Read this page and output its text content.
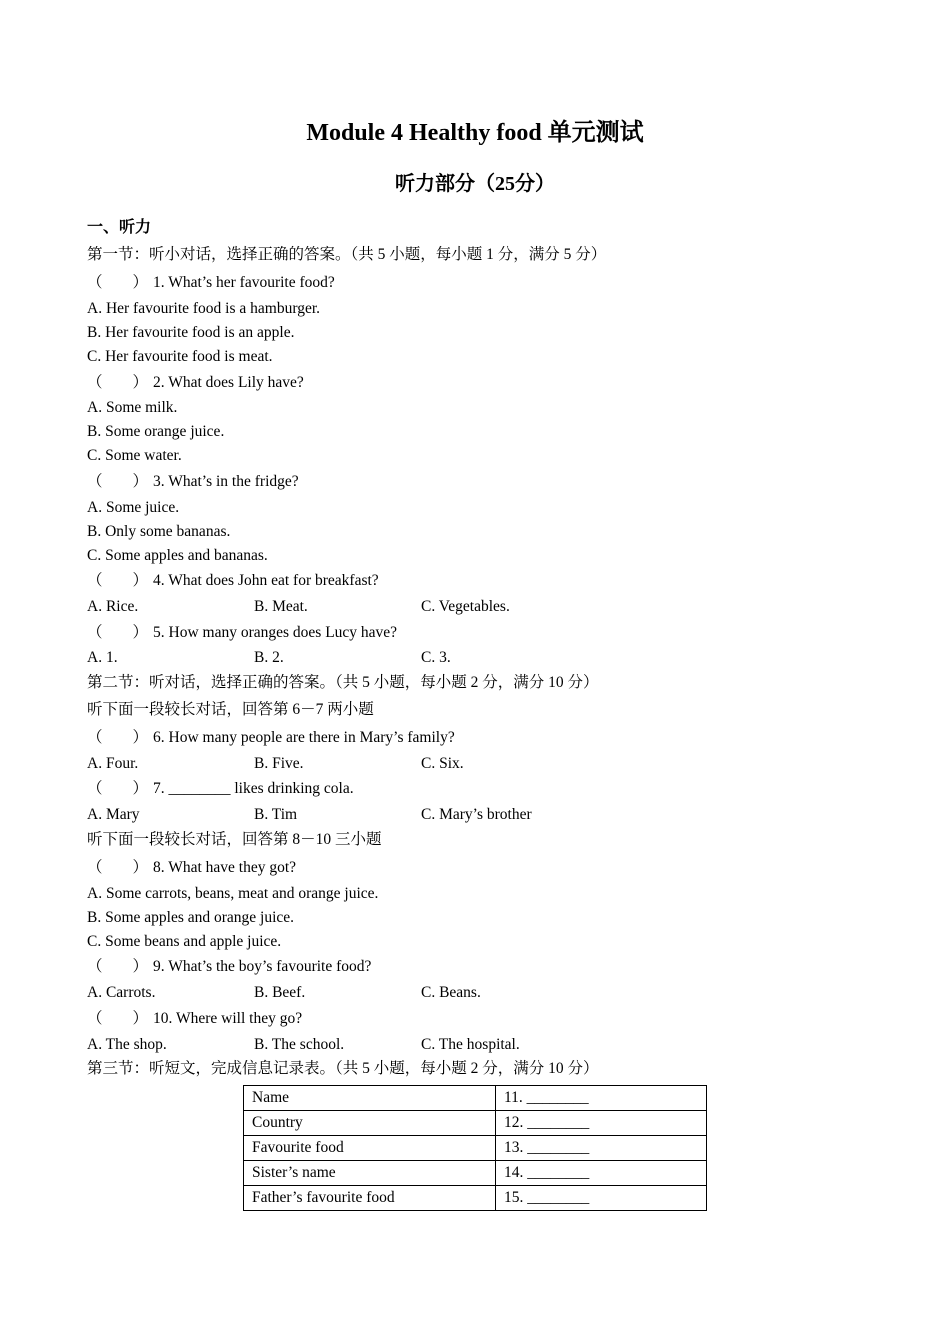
Module 4 Healthy food 单元测试
听力部分（25分）
一、听力
第一节：听小对话，选择正确的答案。（共 5 小题，每小题 1 分，满分 5 分）
（ ） 1. What’s her favourite food?
A. Her favourite food is a hamburger.
B. Her favourite food is an apple.
C. Her favourite food is meat.
（ ） 2. What does Lily have?
A. Some milk.
B. Some orange juice.
C. Some water.
（ ） 3. What’s in the fridge?
A. Some juice.
B. Only some bananas.
C. Some apples and bananas.
（ ） 4. What does John eat for breakfast?
A. Rice.	B. Meat.	C. Vegetables.
（ ） 5. How many oranges does Lucy have?
A. 1.	B. 2.	C. 3.
第二节：听对话，选择正确的答案。（共 5 小题，每小题 2 分，满分 10 分）
听下面一段较长对话，回答第 6－7 两小题
（ ） 6. How many people are there in Mary’s family?
A. Four.	B. Five.	C. Six.
（ ） 7. ________ likes drinking cola.
A. Mary	B. Tim	C. Mary’s brother
听下面一段较长对话，回答第 8－10 三小题
（ ） 8. What have they got?
A. Some carrots, beans, meat and orange juice.
B. Some apples and orange juice.
C. Some beans and apple juice.
（ ） 9. What’s the boy’s favourite food?
A. Carrots.	B. Beef.	C. Beans.
（ ） 10. Where will they go?
A. The shop.	B. The school.	C. The hospital.
第三节：听短文，完成信息记录表。（共 5 小题，每小题 2 分，满分 10 分）
Name	11. ________
Country	12. ________
Favourite food	13. ________
Sister’s name	14. ________
Father’s favourite food	15. ________
